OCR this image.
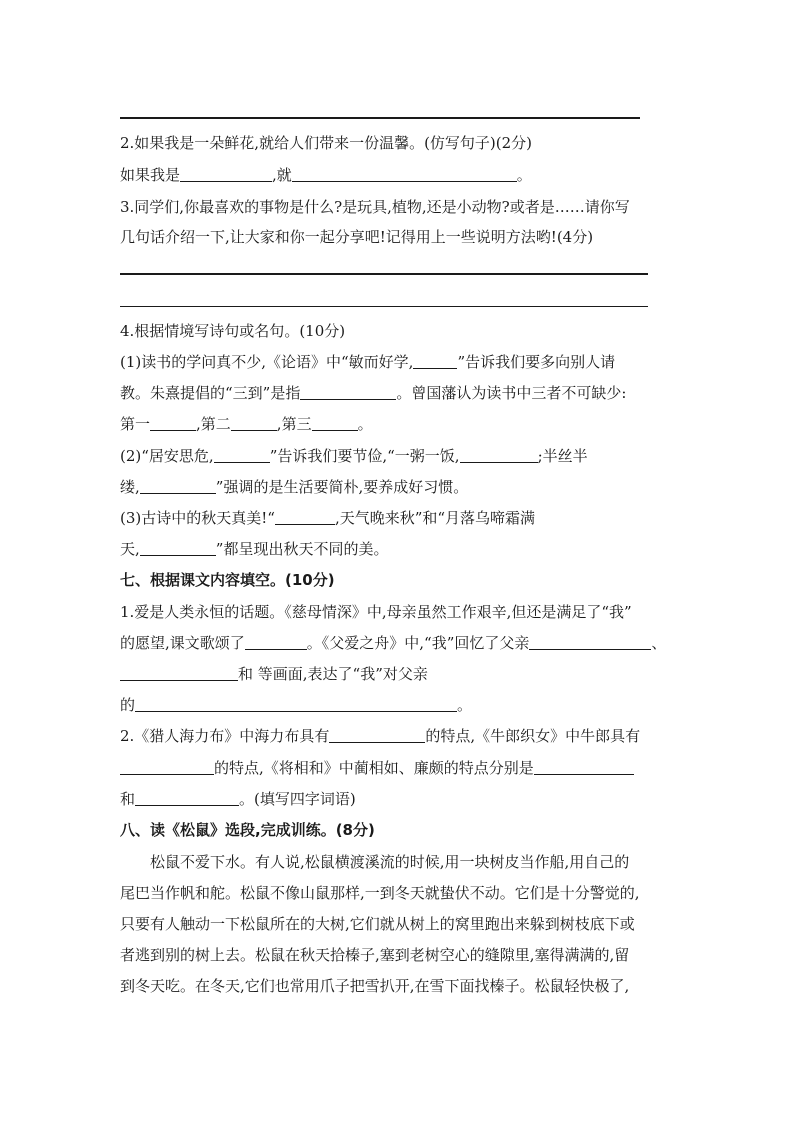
2.如果我是一朵鲜花,就给人们带来一份温馨。(仿写句子)(2分)
如果我是	,就	。
3.同学们,你最喜欢的事物是什么?是玩具,植物,还是小动物?或者是……请你写
几句话介绍一下,让大家和你一起分享吧!记得用上一些说明方法哟!(4分)
4.根据情境写诗句或名句。(10分)
(1)读书的学问真不少,《论语》中“敏而好学,	”告诉我们要多向别人请
教。朱熹提倡的“三到”是指	。曾国藩认为读书中三者不可缺少:
第一	,第二	,第三	。
(2)“居安思危,	”告诉我们要节俭,“一粥一饭,	;半丝半
缕,	”强调的是生活要简朴,要养成好习惯。
(3)古诗中的秋天真美!“	,天气晚来秋”和“月落乌啼霜满
天,	”都呈现出秋天不同的美。
七、根据课文内容填空。(10分)
1.爱是人类永恒的话题。《慈母情深》中,母亲虽然工作艰辛,但还是满足了“我”
的愿望,课文歌颂了	。《父爱之舟》中,“我”回忆了父亲	、
和 等画面,表达了“我”对父亲
的	。
2.《猎人海力布》中海力布具有	的特点,《牛郎织女》中牛郎具有
的特点,《将相和》中蔺相如、廉颇的特点分别是
和	。(填写四字词语)
八、读《松鼠》选段,完成训练。(8分)
松鼠不爱下水。有人说,松鼠横渡溪流的时候,用一块树皮当作船,用自己的
尾巴当作帆和舵。松鼠不像山鼠那样,一到冬天就蛰伏不动。它们是十分警觉的,
只要有人触动一下松鼠所在的大树,它们就从树上的窝里跑出来躲到树枝底下或
者逃到别的树上去。松鼠在秋天拾榛子,塞到老树空心的缝隙里,塞得满满的,留
到冬天吃。在冬天,它们也常用爪子把雪扒开,在雪下面找榛子。松鼠轻快极了,
